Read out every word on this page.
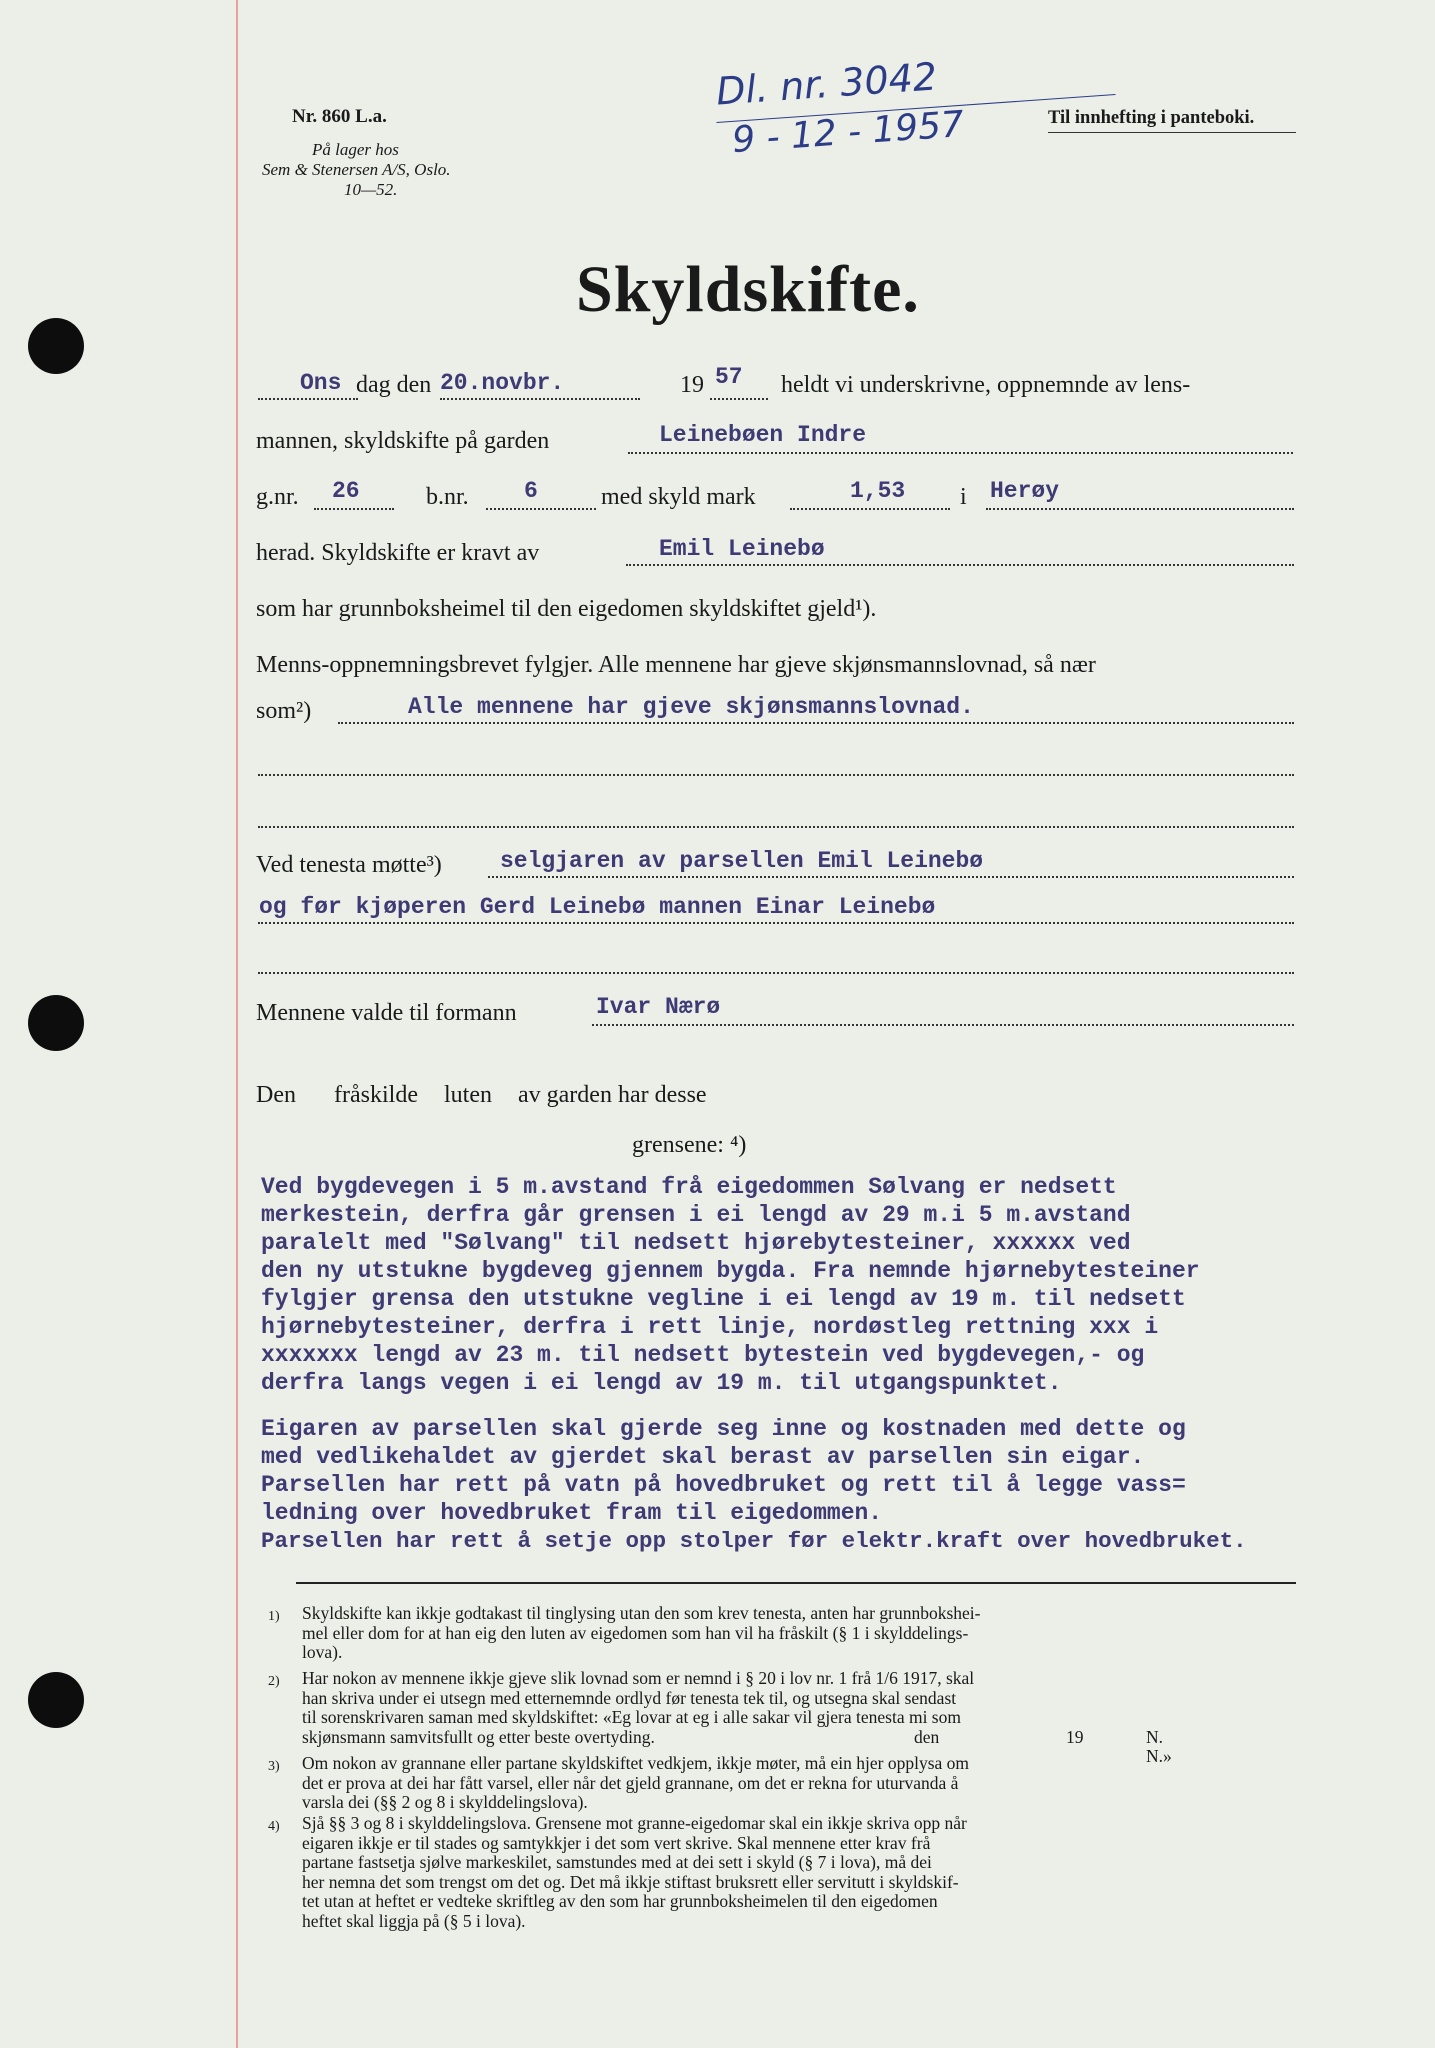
Nr. 860 L.a.
På lager hos
Sem & Stenersen A/S, Oslo.
10—52.
Dl. nr. 3042
9 - 12 - 1957	Til innhefting i panteboki.
Skyldskifte.
Ons dag den 20.novbr.	19 57 heldt vi underskrivne, oppnemnde av lens-
mannen, skyldskifte på garden	Leinebøen Indre
g.nr. 26	b.nr. 6	med skyld mark	1,53 i Herøy
herad. Skyldskifte er kravt av	Emil Leinebø
som har grunnboksheimel til den eigedomen skyldskiftet gjeld¹).
Menns-oppnemningsbrevet fylgjer. Alle mennene har gjeve skjønsmannslovnad, så nær
som²)	Alle mennene har gjeve skjønsmannslovnad.
Ved tenesta møtte³)	selgjaren av parsellen Emil Leinebø
og før kjøperen Gerd Leinebø mannen Einar Leinebø
Mennene valde til formann	Ivar Nærø
Den fråskilde luten av garden har desse
grensene: ⁴)
Ved bygdevegen i 5 m.avstand frå eigedommen Sølvang er nedsett
merkestein, derfra går grensen i ei lengd av 29 m.i 5 m.avstand
paralelt med "Sølvang" til nedsett hjørebytesteiner, xxxxxx ved
den ny utstukne bygdeveg gjennem bygda. Fra nemnde hjørnebytesteiner
fylgjer grensa den utstukne vegline i ei lengd av 19 m. til nedsett
hjørnebytesteiner, derfra i rett linje, nordøstleg rettning xxx i
xxxxxxx lengd av 23 m. til nedsett bytestein ved bygdevegen,- og
derfra langs vegen i ei lengd av 19 m. til utgangspunktet.
Eigaren av parsellen skal gjerde seg inne og kostnaden med dette og
med vedlikehaldet av gjerdet skal berast av parsellen sin eigar.
Parsellen har rett på vatn på hovedbruket og rett til å legge vass=
ledning over hovedbruket fram til eigedommen.
Parsellen har rett å setje opp stolper før elektr.kraft over hovedbruket.
1) Skyldskifte kan ikkje godtakast til tinglysing utan den som krev tenesta, anten har grunnbokshei-
mel eller dom for at han eig den luten av eigedomen som han vil ha fråskilt (§ 1 i skylddelings-
lova).
2) Har nokon av mennene ikkje gjeve slik lovnad som er nemnd i § 20 i lov nr. 1 frå 1/6 1917, skal
han skriva under ei utsegn med etternemnde ordlyd før tenesta tek til, og utsegna skal sendast
til sorenskrivaren saman med skyldskiftet: «Eg lovar at eg i alle sakar vil gjera tenesta mi som
skjønsmann samvitsfullt og etter beste overtyding.	den	19	N. N.»
3) Om nokon av grannane eller partane skyldskiftet vedkjem, ikkje møter, må ein hjer opplysa om
det er prova at dei har fått varsel, eller når det gjeld grannane, om det er rekna for uturvanda å
varsla dei (§§ 2 og 8 i skylddelingslova).
4) Sjå §§ 3 og 8 i skylddelingslova. Grensene mot granne-eigedomar skal ein ikkje skriva opp når
eigaren ikkje er til stades og samtykkjer i det som vert skrive. Skal mennene etter krav frå
partane fastsetja sjølve markeskilet, samstundes med at dei sett i skyld (§ 7 i lova), må dei
her nemna det som trengst om det og. Det må ikkje stiftast bruksrett eller servitutt i skyldskif-
tet utan at heftet er vedteke skriftleg av den som har grunnboksheimelen til den eigedomen
heftet skal liggja på (§ 5 i lova).
